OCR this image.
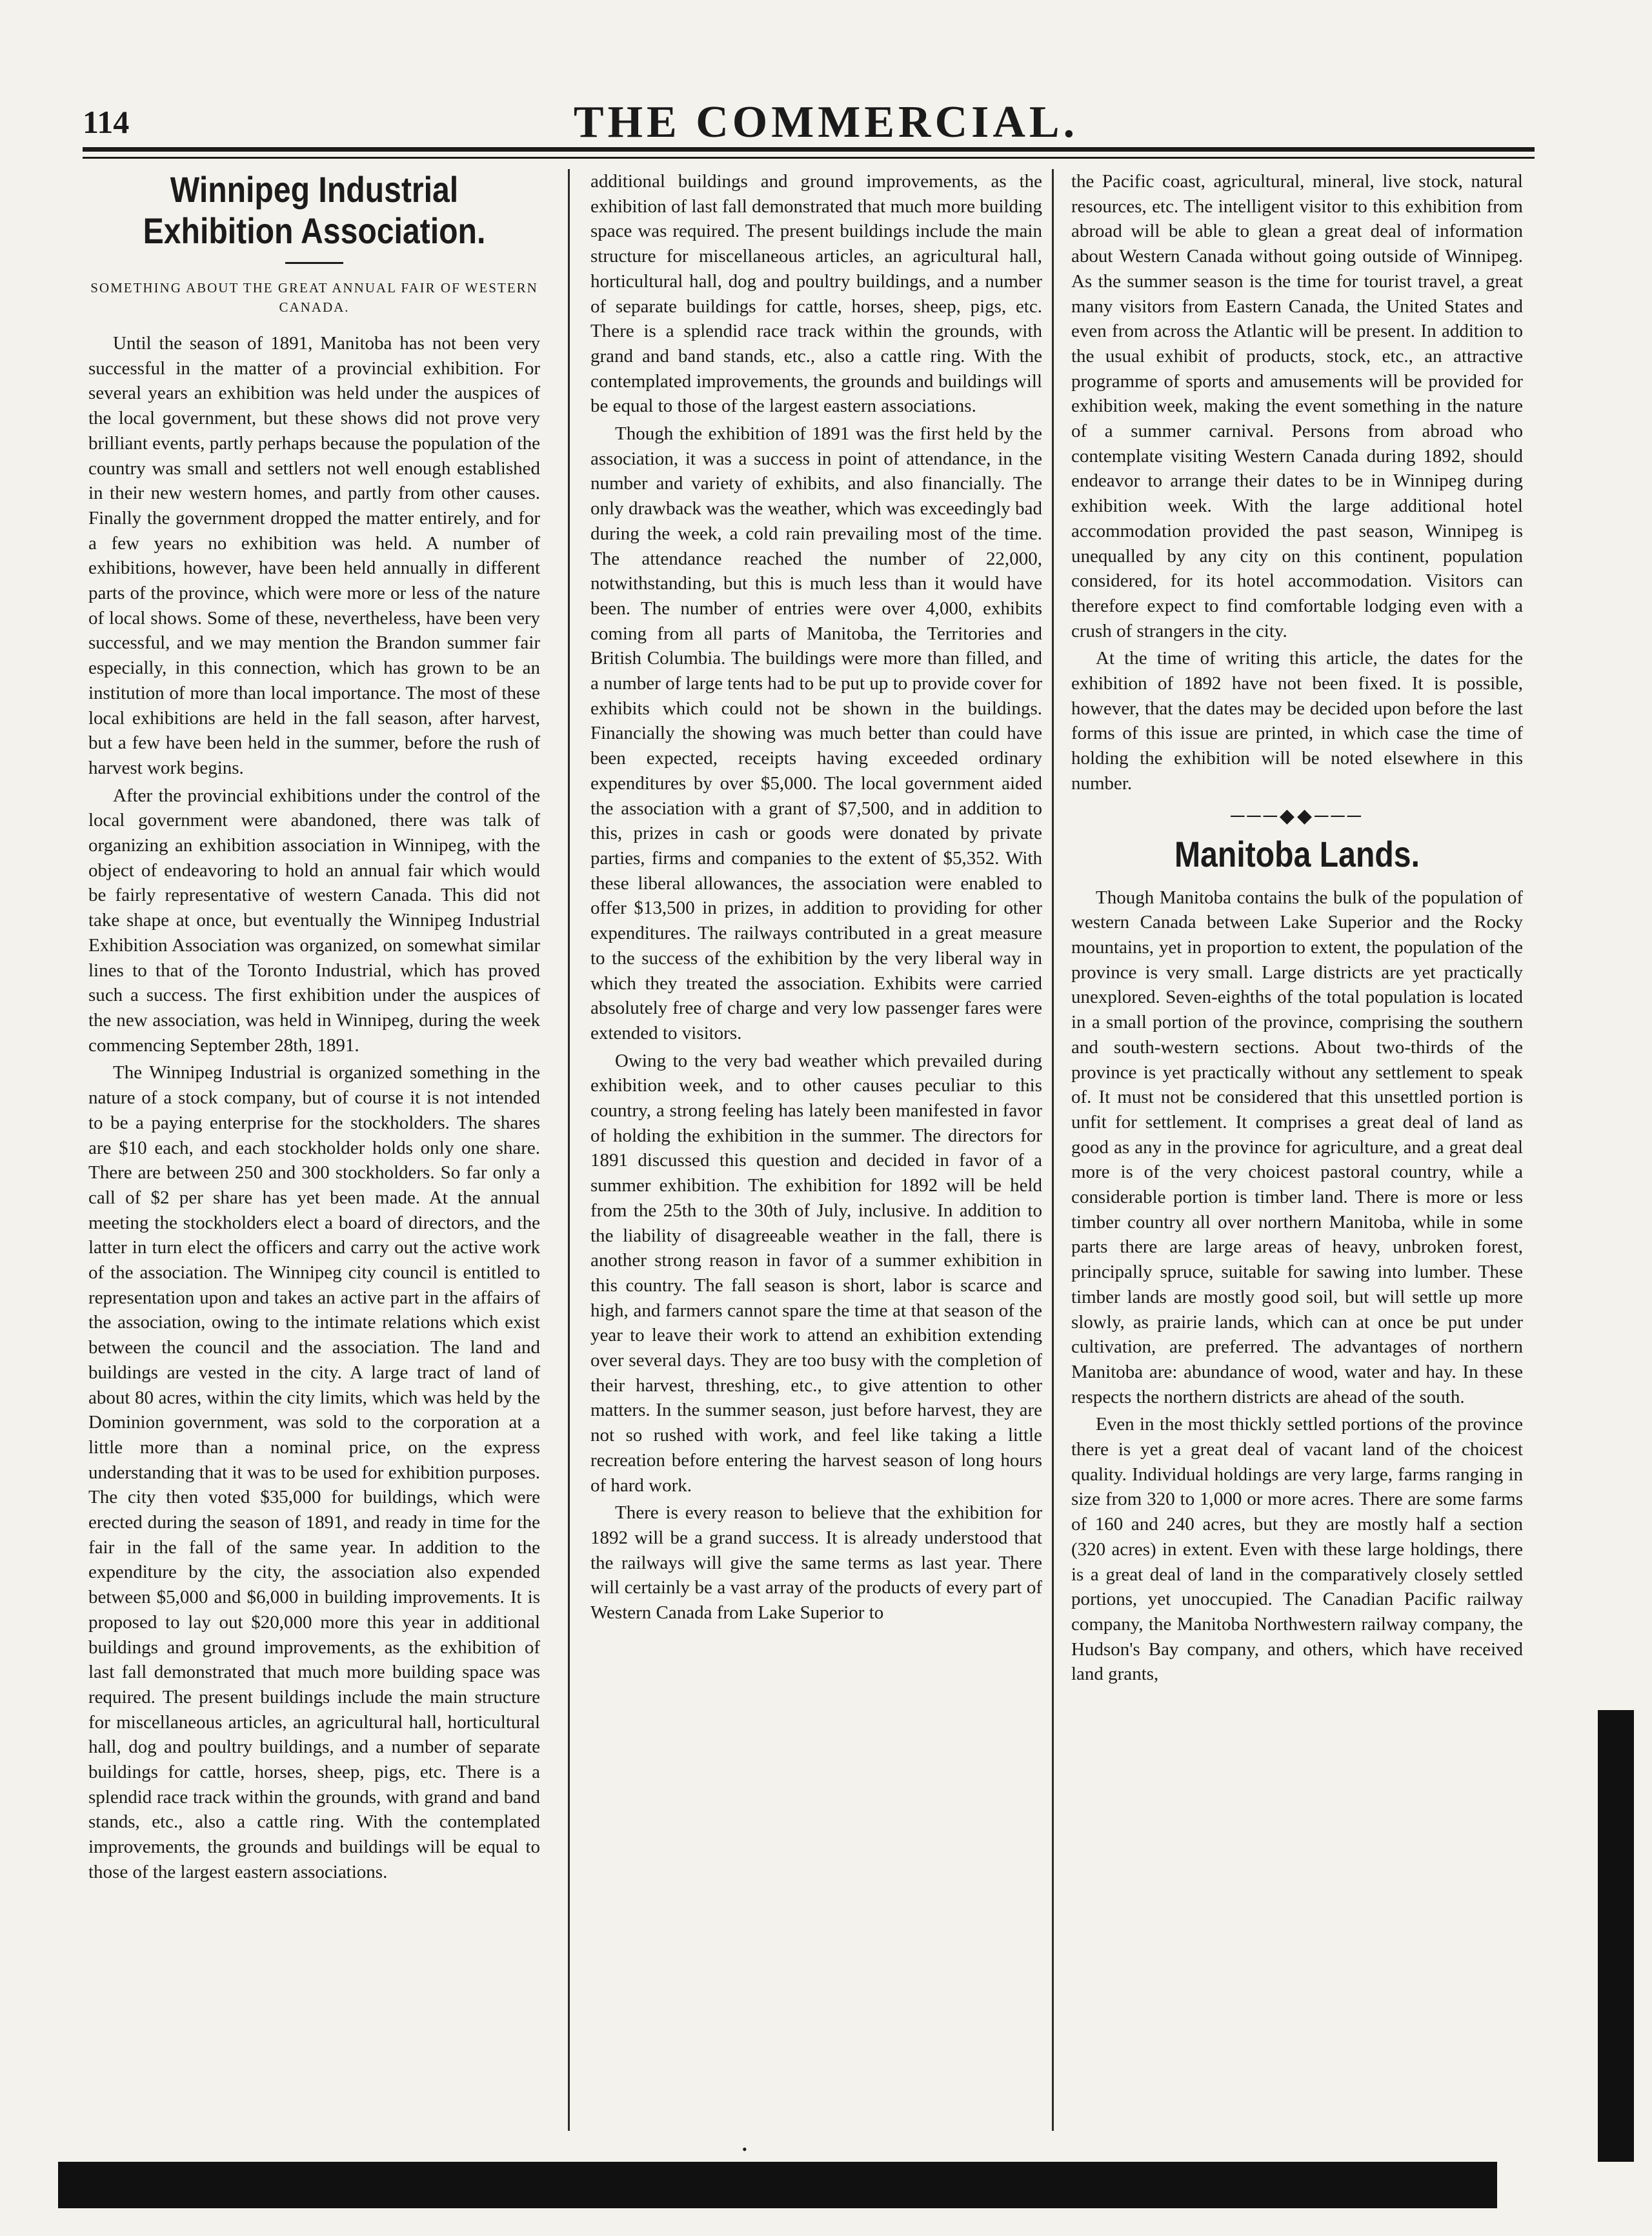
114	THE COMMERCIAL.
Winnipeg Industrial Exhibition Association.
SOMETHING ABOUT THE GREAT ANNUAL FAIR OF WESTERN CANADA.

Until the season of 1891, Manitoba has not been very successful in the matter of a provincial exhibition. For several years an exhibition was held under the auspices of the local government, but these shows did not prove very brilliant events, partly perhaps because the population of the country was small and settlers not well enough established in their new western homes, and partly from other causes. Finally the government dropped the matter entirely, and for a few years no exhibition was held. A number of exhibitions, however, have been held annually in different parts of the province, which were more or less of the nature of local shows. Some of these, nevertheless, have been very successful, and we may mention the Brandon summer fair especially, in this connection, which has grown to be an institution of more than local importance. The most of these local exhibitions are held in the fall season, after harvest, but a few have been held in the summer, before the rush of harvest work begins.

After the provincial exhibitions under the control of the local government were abandoned, there was talk of organizing an exhibition association in Winnipeg, with the object of endeavoring to hold an annual fair which would be fairly representative of western Canada. This did not take shape at once, but eventually the Winnipeg Industrial Exhibition Association was organized, on somewhat similar lines to that of the Toronto Industrial, which has proved such a success. The first exhibition under the auspices of the new association, was held in Winnipeg, during the week commencing September 28th, 1891.

The Winnipeg Industrial is organized something in the nature of a stock company, but of course it is not intended to be a paying enterprise for the stockholders. The shares are $10 each, and each stockholder holds only one share. There are between 250 and 300 stockholders. So far only a call of $2 per share has yet been made. At the annual meeting the stockholders elect a board of directors, and the latter in turn elect the officers and carry out the active work of the association. The Winnipeg city council is entitled to representation upon and takes an active part in the affairs of the association, owing to the intimate relations which exist between the council and the association. The land and buildings are vested in the city. A large tract of land of about 80 acres, within the city limits, which was held by the Dominion government, was sold to the corporation at a little more than a nominal price, on the express understanding that it was to be used for exhibition purposes. The city then voted $35,000 for buildings, which were erected during the season of 1891, and ready in time for the fair in the fall of the same year. In addition to the expenditure by the city, the association also expended between $5,000 and $6,000 in building improvements. It is proposed to lay out $20,000 more this year in additional buildings and ground improvements, as the exhibition of last fall demonstrated that much more building space was required. The present buildings include the main structure for miscellaneous articles, an agricultural hall, horticultural hall, dog and poultry buildings, and a number of separate buildings for cattle, horses, sheep, pigs, etc. There is a splendid race track within the grounds, with grand and band stands, etc., also a cattle ring. With the contemplated improvements, the grounds and buildings will be equal to those of the largest eastern associations.

additional buildings and ground improvements, as the exhibition of last fall demonstrated that much more building space was required. The present buildings include the main structure for miscellaneous articles, an agricultural hall, horticultural hall, dog and poultry buildings, and a number of separate buildings for cattle, horses, sheep, pigs, etc. There is a splendid race track within the grounds, with grand and band stands, etc., also a cattle ring. With the contemplated improvements, the grounds and buildings will be equal to those of the largest eastern associations.

Though the exhibition of 1891 was the first held by the association, it was a success in point of attendance, in the number and variety of exhibits, and also financially. The only drawback was the weather, which was exceedingly bad during the week, a cold rain prevailing most of the time. The attendance reached the number of 22,000, notwithstanding, but this is much less than it would have been. The number of entries were over 4,000, exhibits coming from all parts of Manitoba, the Territories and British Columbia. The buildings were more than filled, and a number of large tents had to be put up to provide cover for exhibits which could not be shown in the buildings. Financially the showing was much better than could have been expected, receipts having exceeded ordinary expenditures by over $5,000. The local government aided the association with a grant of $7,500, and in addition to this, prizes in cash or goods were donated by private parties, firms and companies to the extent of $5,352. With these liberal allowances, the association were enabled to offer $13,500 in prizes, in addition to providing for other expenditures. The railways contributed in a great measure to the success of the exhibition by the very liberal way in which they treated the association. Exhibits were carried absolutely free of charge and very low passenger fares were extended to visitors.

Owing to the very bad weather which prevailed during exhibition week, and to other causes peculiar to this country, a strong feeling has lately been manifested in favor of holding the exhibition in the summer. The directors for 1891 discussed this question and decided in favor of a summer exhibition. The exhibition for 1892 will be held from the 25th to the 30th of July, inclusive. In addition to the liability of disagreeable weather in the fall, there is another strong reason in favor of a summer exhibition in this country. The fall season is short, labor is scarce and high, and farmers cannot spare the time at that season of the year to leave their work to attend an exhibition extending over several days. They are too busy with the completion of their harvest, threshing, etc., to give attention to other matters. In the summer season, just before harvest, they are not so rushed with work, and feel like taking a little recreation before entering the harvest season of long hours of hard work.

There is every reason to believe that the exhibition for 1892 will be a grand success. It is already understood that the railways will give the same terms as last year. There will certainly be a vast array of the products of every part of Western Canada from Lake Superior to

the Pacific coast, agricultural, mineral, live stock, natural resources, etc. The intelligent visitor to this exhibition from abroad will be able to glean a great deal of information about Western Canada without going outside of Winnipeg. As the summer season is the time for tourist travel, a great many visitors from Eastern Canada, the United States and even from across the Atlantic will be present. In addition to the usual exhibit of products, stock, etc., an attractive programme of sports and amusements will be provided for exhibition week, making the event something in the nature of a summer carnival. Persons from abroad who contemplate visiting Western Canada during 1892, should endeavor to arrange their dates to be in Winnipeg during exhibition week. With the large additional hotel accommodation provided the past season, Winnipeg is unequalled by any city on this continent, population considered, for its hotel accommodation. Visitors can therefore expect to find comfortable lodging even with a crush of strangers in the city.

At the time of writing this article, the dates for the exhibition of 1892 have not been fixed. It is possible, however, that the dates may be decided upon before the last forms of this issue are printed, in which case the time of holding the exhibition will be noted elsewhere in this number.

───◆◆───
Manitoba Lands.

Though Manitoba contains the bulk of the population of western Canada between Lake Superior and the Rocky mountains, yet in proportion to extent, the population of the province is very small. Large districts are yet practically unexplored. Seven-eighths of the total population is located in a small portion of the province, comprising the southern and south-western sections. About two-thirds of the province is yet practically without any settlement to speak of. It must not be considered that this unsettled portion is unfit for settlement. It comprises a great deal of land as good as any in the province for agriculture, and a great deal more is of the very choicest pastoral country, while a considerable portion is timber land. There is more or less timber country all over northern Manitoba, while in some parts there are large areas of heavy, unbroken forest, principally spruce, suitable for sawing into lumber. These timber lands are mostly good soil, but will settle up more slowly, as prairie lands, which can at once be put under cultivation, are preferred. The advantages of northern Manitoba are: abundance of wood, water and hay. In these respects the northern districts are ahead of the south.

Even in the most thickly settled portions of the province there is yet a great deal of vacant land of the choicest quality. Individual holdings are very large, farms ranging in size from 320 to 1,000 or more acres. There are some farms of 160 and 240 acres, but they are mostly half a section (320 acres) in extent. Even with these large holdings, there is a great deal of land in the comparatively closely settled portions, yet unoccupied. The Canadian Pacific railway company, the Manitoba Northwestern railway company, the Hudson's Bay company, and others, which have received land grants,

•
